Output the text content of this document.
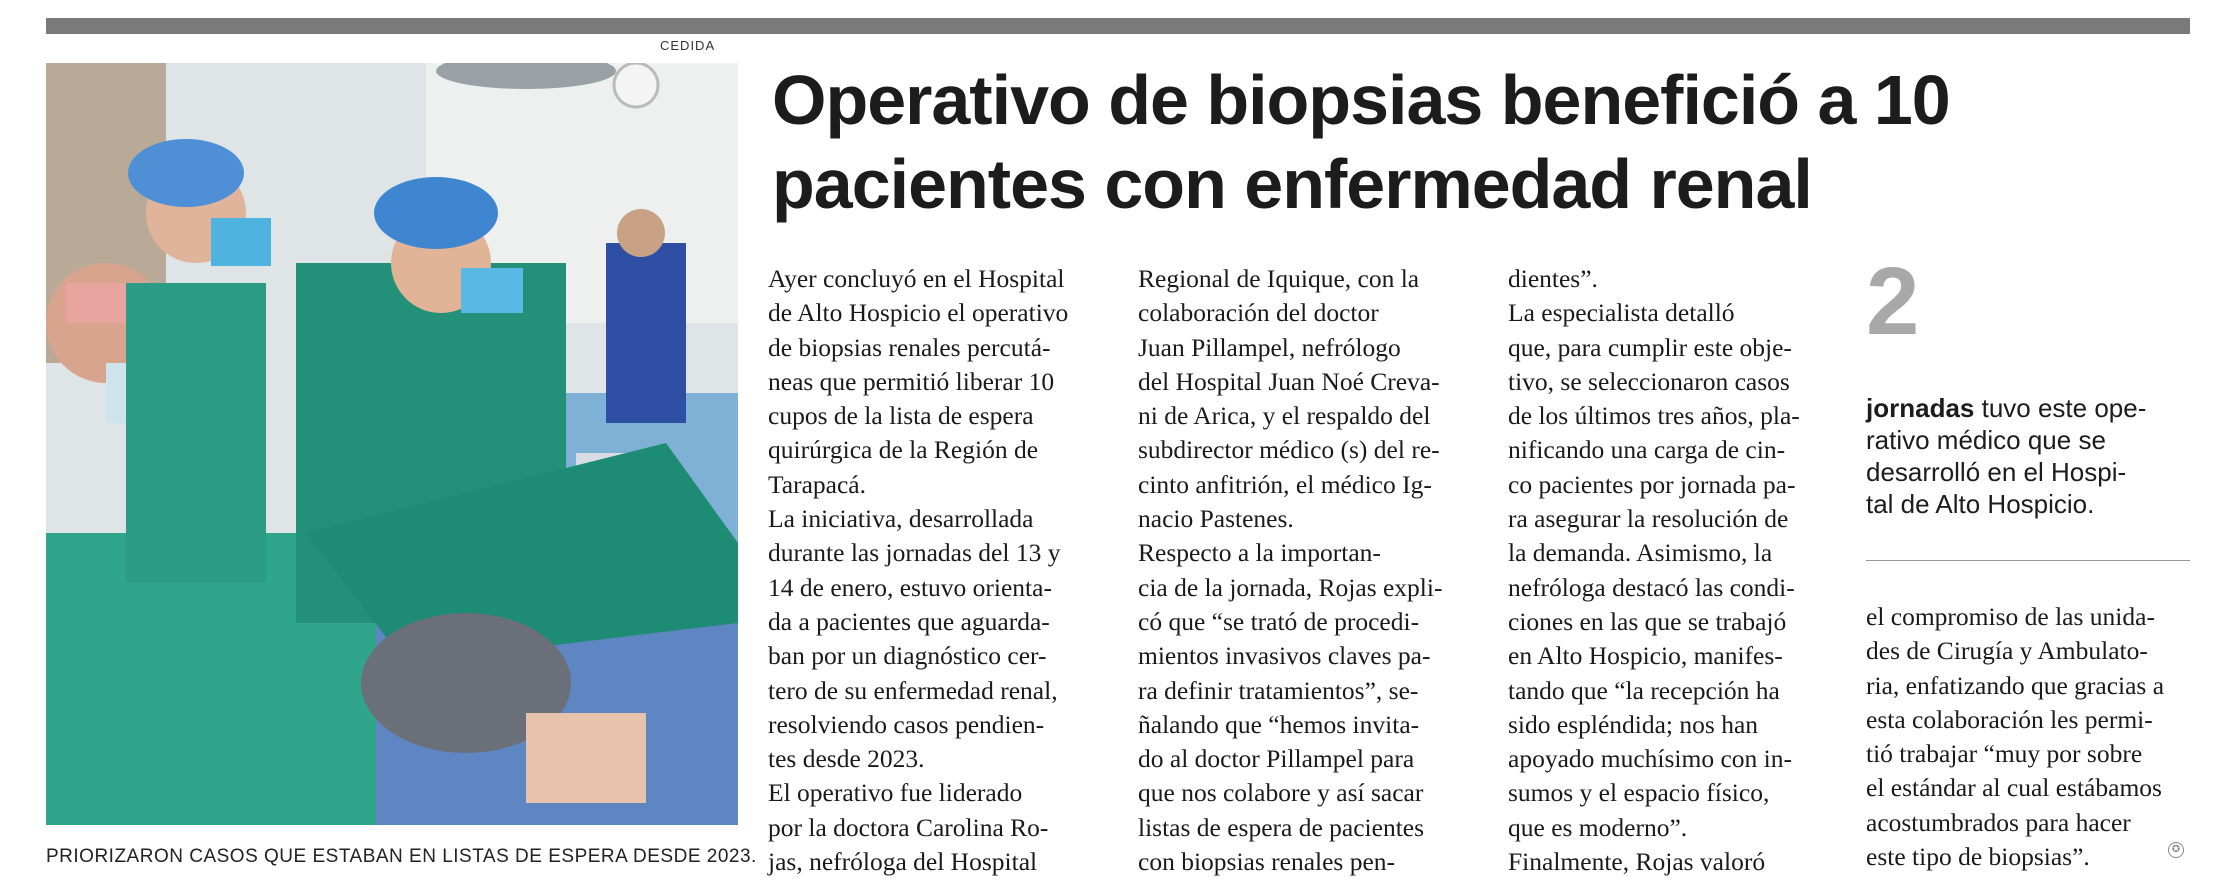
CEDIDA
PRIORIZARON CASOS QUE ESTABAN EN LISTAS DE ESPERA DESDE 2023.
Operativo de biopsias benefició a 10 pacientes con enfermedad renal
Ayer concluyó en el Hospital
de Alto Hospicio el operativo
de biopsias renales percutá-
neas que permitió liberar 10
cupos de la lista de espera
quirúrgica de la Región de
Tarapacá.
La iniciativa, desarrollada
durante las jornadas del 13 y
14 de enero, estuvo orienta-
da a pacientes que aguarda-
ban por un diagnóstico cer-
tero de su enfermedad renal,
resolviendo casos pendien-
tes desde 2023.
El operativo fue liderado
por la doctora Carolina Ro-
jas, nefróloga del Hospital
Regional de Iquique, con la
colaboración del doctor
Juan Pillampel, nefrólogo
del Hospital Juan Noé Creva-
ni de Arica, y el respaldo del
subdirector médico (s) del re-
cinto anfitrión, el médico Ig-
nacio Pastenes.
Respecto a la importan-
cia de la jornada, Rojas expli-
có que “se trató de procedi-
mientos invasivos claves pa-
ra definir tratamientos”, se-
ñalando que “hemos invita-
do al doctor Pillampel para
que nos colabore y así sacar
listas de espera de pacientes
con biopsias renales pen-
dientes”.
La especialista detalló
que, para cumplir este obje-
tivo, se seleccionaron casos
de los últimos tres años, pla-
nificando una carga de cin-
co pacientes por jornada pa-
ra asegurar la resolución de
la demanda. Asimismo, la
nefróloga destacó las condi-
ciones en las que se trabajó
en Alto Hospicio, manifes-
tando que “la recepción ha
sido espléndida; nos han
apoyado muchísimo con in-
sumos y el espacio físico,
que es moderno”.
Finalmente, Rojas valoró
2
jornadas tuvo este ope-
rativo médico que se
desarrolló en el Hospi-
tal de Alto Hospicio.
el compromiso de las unida-
des de Cirugía y Ambulato-
ria, enfatizando que gracias a
esta colaboración les permi-
tió trabajar “muy por sobre
el estándar al cual estábamos
acostumbrados para hacer
este tipo de biopsias”.	✪
